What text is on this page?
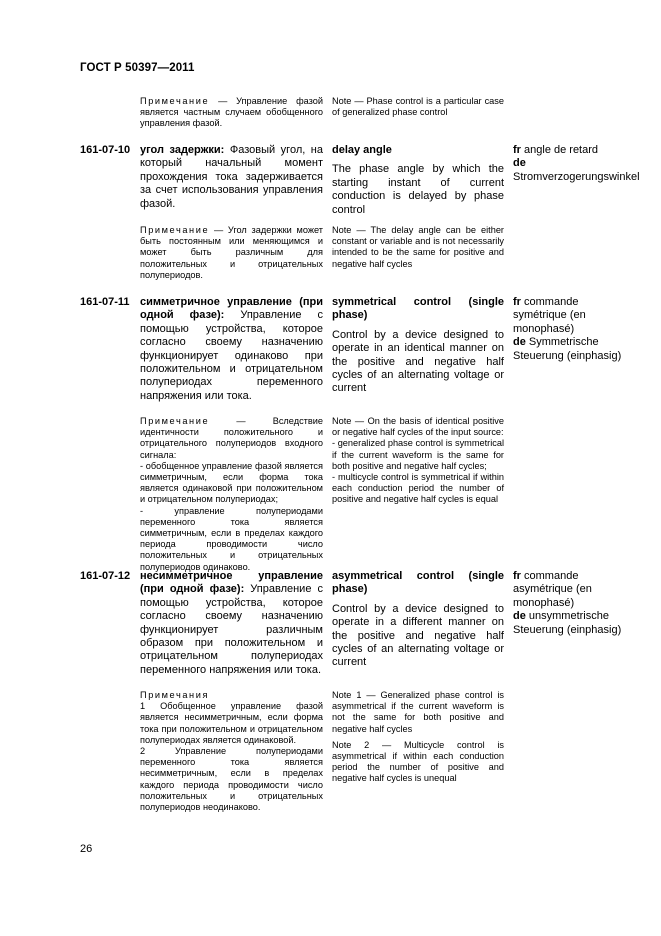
ГОСТ Р 50397—2011
Примечание — Управление фазой является частным случаем обобщенного управления фазой.
Note — Phase control is a particular case of generalized phase control
161-07-10 угол задержки: Фазовый угол, на который начальный момент прохождения тока задерживается за счет использования управления фазой.
delay angle
The phase angle by which the starting instant of current conduction is delayed by phase control

fr angle de retard

de Stromverzogerungswinkel

Примечание — Угол задержки может быть постоянным или меняющимся и может быть различным для положительных и отрицательных полупериодов.
Note — The delay angle can be either constant or variable and is not necessarily intended to be the same for positive and negative half cycles
161-07-11 симметричное управление (при одной фазе): Управление с помощью устройства, которое согласно своему назначению функционирует одинаково при положительном и отрицательном полупериодах переменного напряжения или тока.
symmetrical control (single phase)
Control by a device designed to operate in an identical manner on the positive and negative half cycles of an alternating voltage or current

fr commande symétrique (en monophasé)

de Symmetrische Steuerung (einphasig)

Примечание — Вследствие идентичности положительного и отрицательного полупериодов входного сигнала:
- обобщенное управление фазой является симметричным, если форма тока является одинаковой при положительном и отрицательном полупериодах;
- управление полупериодами переменного тока является симметричным, если в пределах каждого периода проводимости число положительных и отрицательных полупериодов одинаково.
Note — On the basis of identical positive or negative half cycles of the input source:
- generalized phase control is symmetrical if the current waveform is the same for both positive and negative half cycles;
- multicycle control is symmetrical if within each conduction period the number of positive and negative half cycles is equal
161-07-12 несимметричное управление (при одной фазе): Управление с помощью устройства, которое согласно своему назначению функционирует различным образом при положительном и отрицательном полупериодах переменного напряжения или тока.
asymmetrical control (single phase)
Control by a device designed to operate in a different manner on the positive and negative half cycles of an alternating voltage or current

fr commande asymétrique (en monophasé)

de unsymmetrische Steuerung (einphasig)

Примечания
1 Обобщенное управление фазой является несимметричным, если форма тока при положительном и отрицательном полупериодах является одинаковой.
2 Управление полупериодами переменного тока является несимметричным, если в пределах каждого периода проводимости число положительных и отрицательных полупериодов неодинаково.
Note 1 — Generalized phase control is asymmetrical if the current waveform is not the same for both positive and negative half cycles
Note 2 — Multicycle control is asymmetrical if within each conduction period the number of positive and negative half cycles is unequal
26
